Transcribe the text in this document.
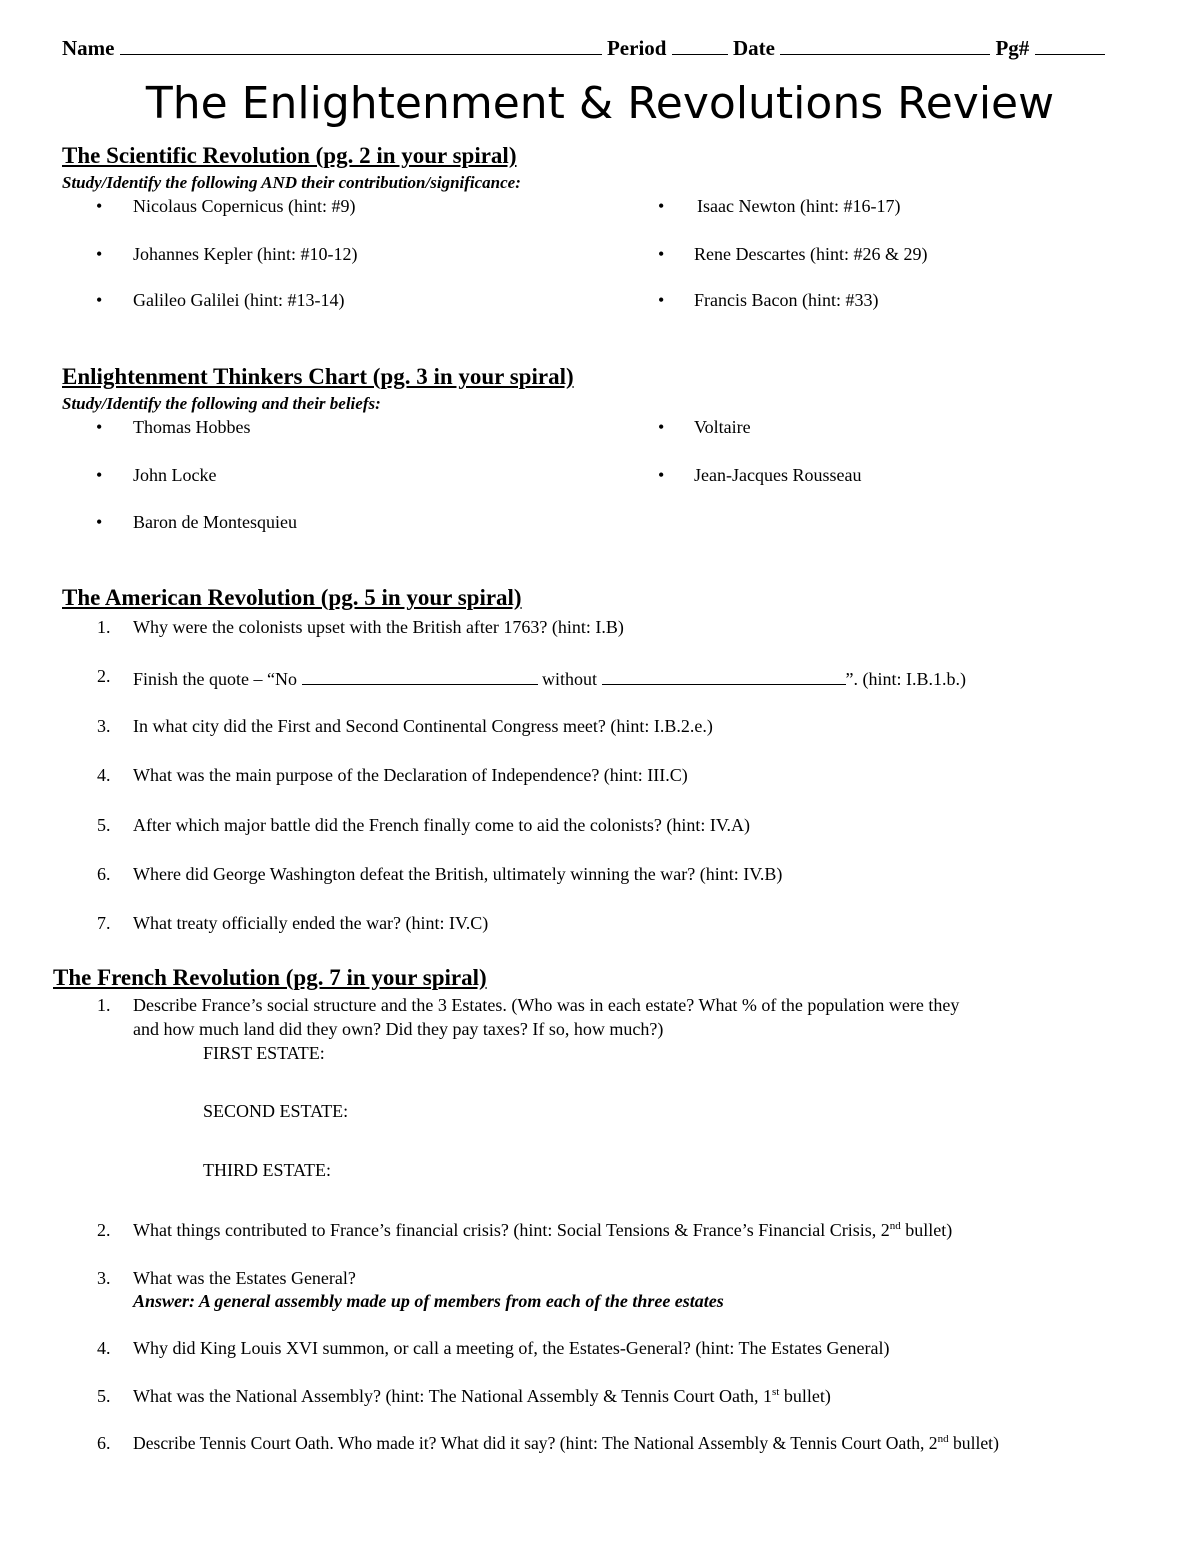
Name	Period	Date	Pg#
The Enlightenment & Revolutions Review
The Scientific Revolution (pg. 2 in your spiral)
Study/Identify the following AND their contribution/significance:
• Nicolaus Copernicus (hint: #9)
• Johannes Kepler (hint: #10-12)
• Galileo Galilei (hint: #13-14)
• Isaac Newton (hint: #16-17)
• Rene Descartes (hint: #26 & 29)
• Francis Bacon (hint: #33)
Enlightenment Thinkers Chart (pg. 3 in your spiral)
Study/Identify the following and their beliefs:
• Thomas Hobbes
• John Locke
• Baron de Montesquieu
• Voltaire
• Jean-Jacques Rousseau
The American Revolution (pg. 5 in your spiral)
1. Why were the colonists upset with the British after 1763? (hint: I.B)
2. Finish the quote – “No	without	”. (hint: I.B.1.b.)
3. In what city did the First and Second Continental Congress meet? (hint: I.B.2.e.)
4. What was the main purpose of the Declaration of Independence? (hint: III.C)
5. After which major battle did the French finally come to aid the colonists? (hint: IV.A)
6. Where did George Washington defeat the British, ultimately winning the war? (hint: IV.B)
7. What treaty officially ended the war? (hint: IV.C)
The French Revolution (pg. 7 in your spiral)
1. Describe France’s social structure and the 3 Estates. (Who was in each estate? What % of the population were they
and how much land did they own? Did they pay taxes? If so, how much?)
FIRST ESTATE:
SECOND ESTATE:
THIRD ESTATE:
2. What things contributed to France’s financial crisis? (hint: Social Tensions & France’s Financial Crisis, 2nd bullet)
3. What was the Estates General?
Answer: A general assembly made up of members from each of the three estates
4. Why did King Louis XVI summon, or call a meeting of, the Estates-General? (hint: The Estates General)
5. What was the National Assembly? (hint: The National Assembly & Tennis Court Oath, 1st bullet)
6. Describe Tennis Court Oath. Who made it? What did it say? (hint: The National Assembly & Tennis Court Oath, 2nd bullet)
